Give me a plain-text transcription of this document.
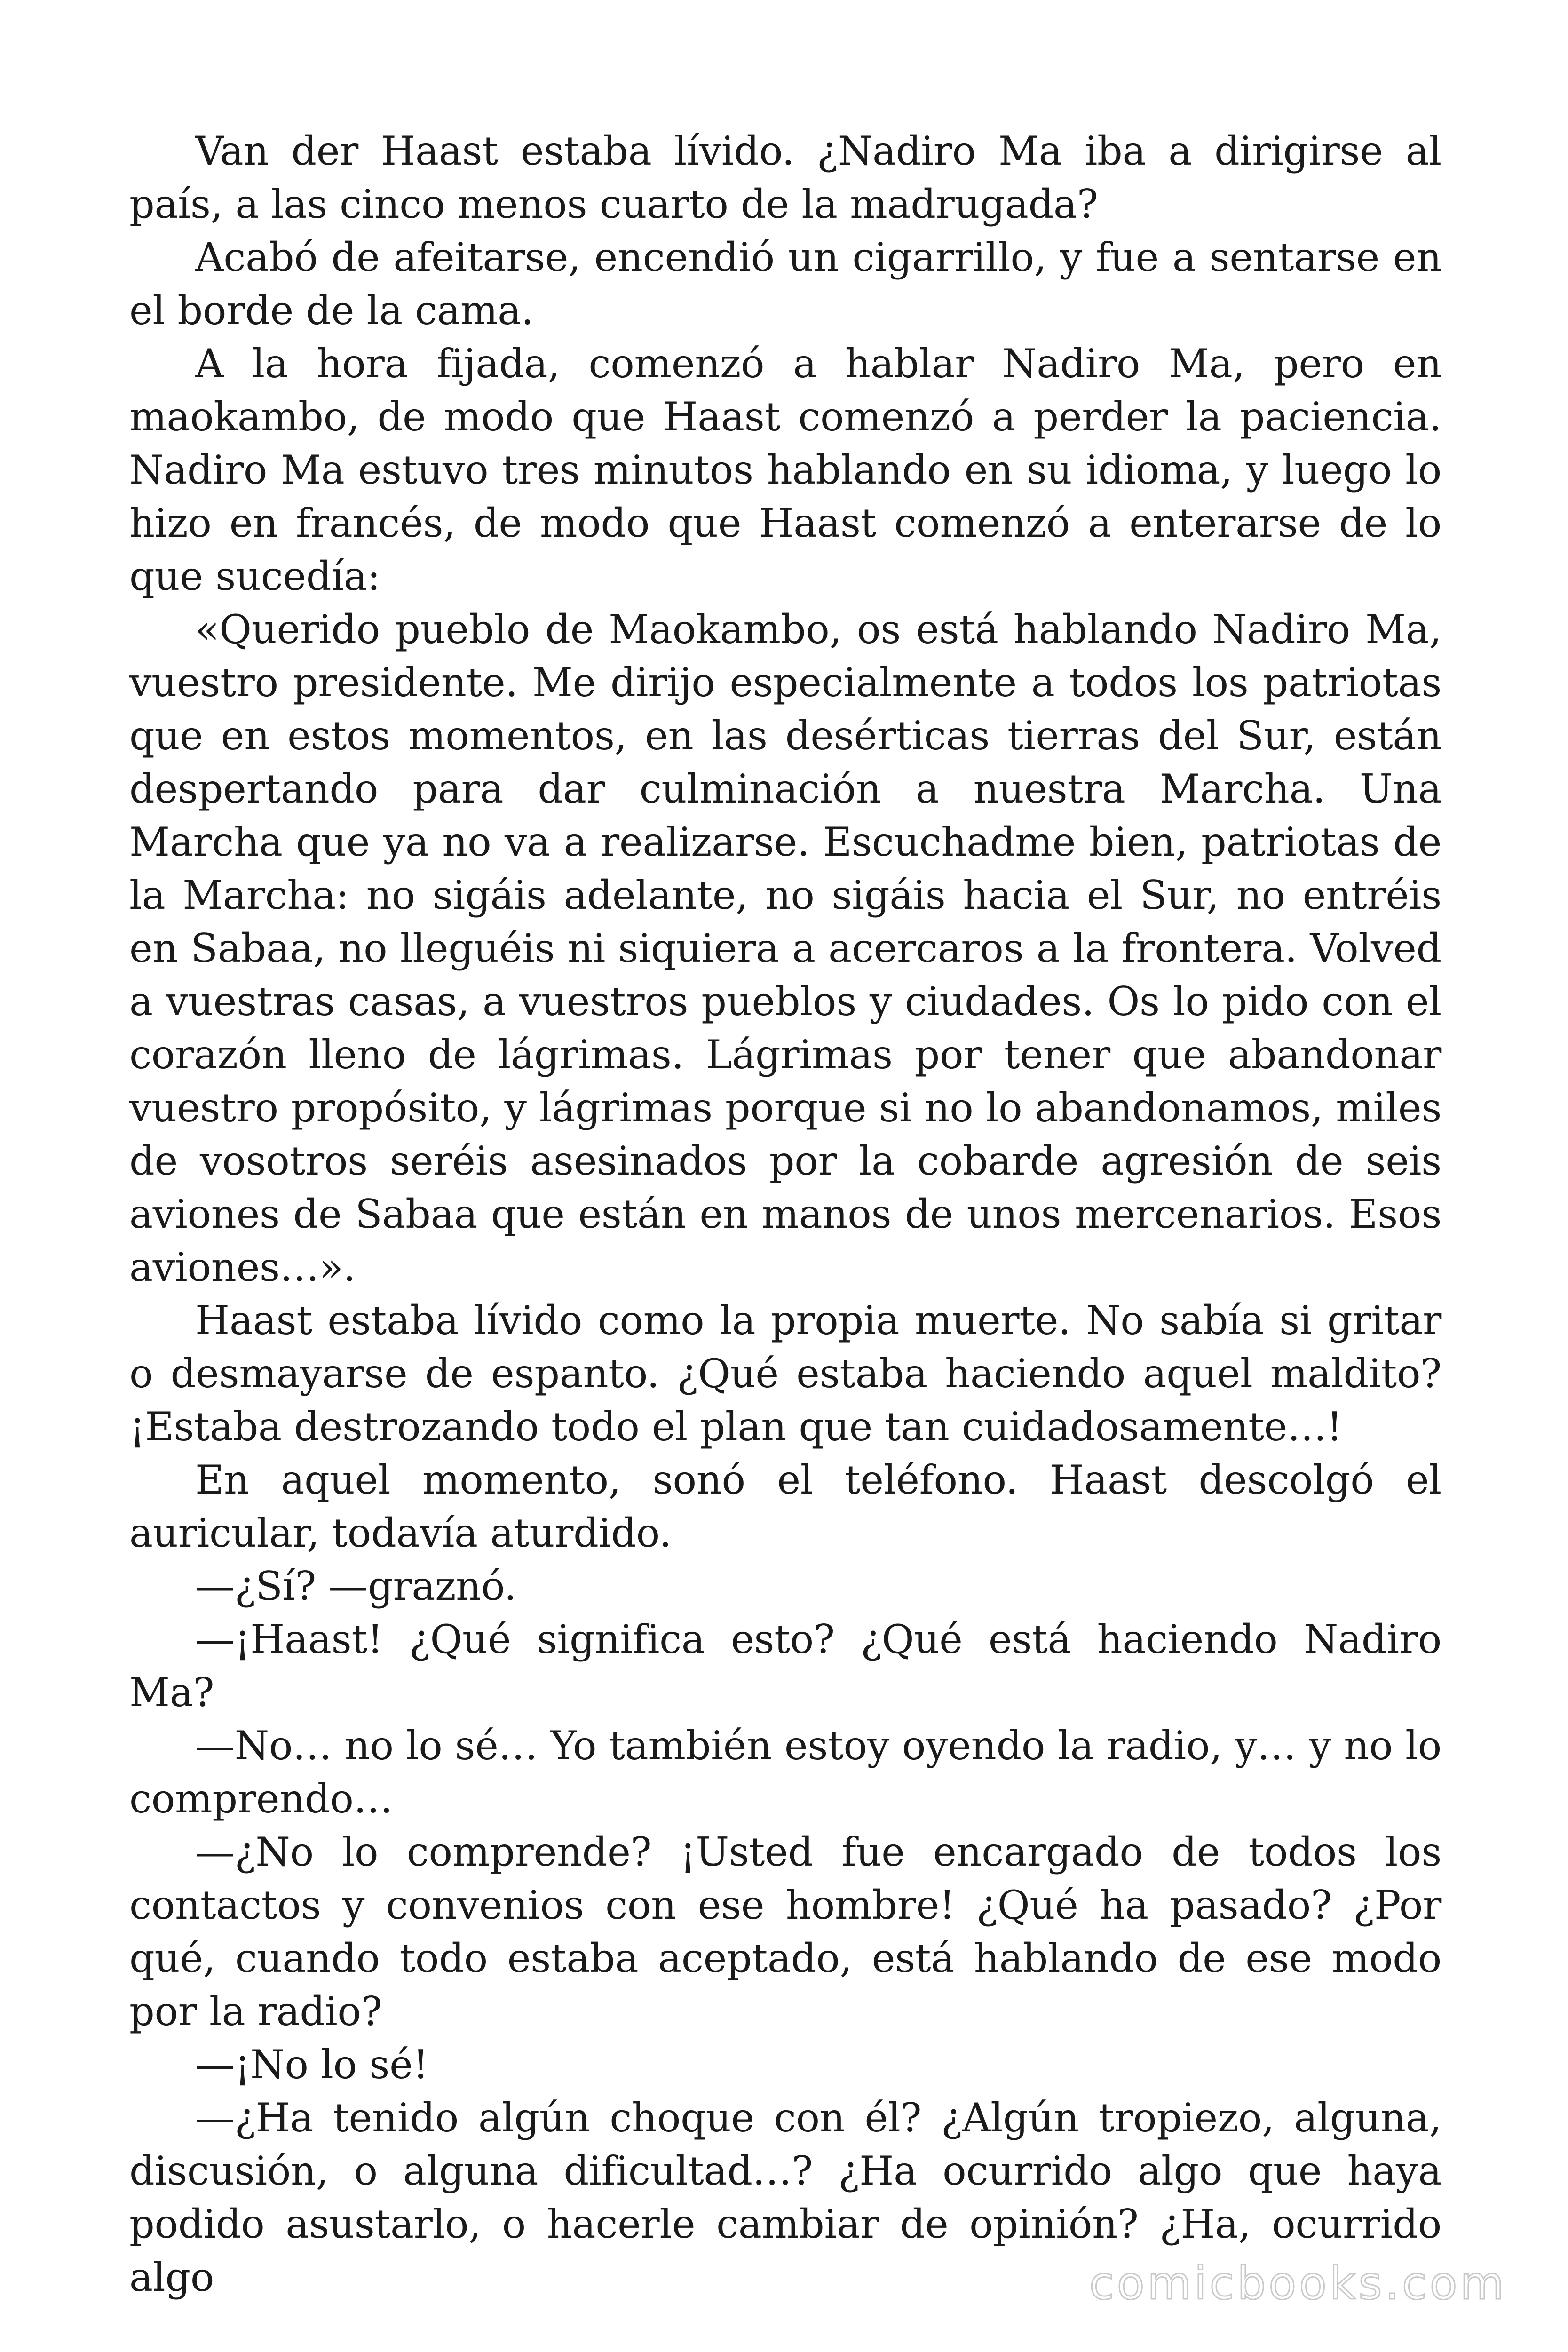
Van der Haast estaba lívido. ¿Nadiro Ma iba a dirigirse al país, a las cinco menos cuarto de la madrugada?

Acabó de afeitarse, encendió un cigarrillo, y fue a sentarse en el borde de la cama.

A la hora fijada, comenzó a hablar Nadiro Ma, pero en maokambo, de modo que Haast comenzó a perder la paciencia. Nadiro Ma estuvo tres minutos hablando en su idioma, y luego lo hizo en francés, de modo que Haast comenzó a enterarse de lo que sucedía:

«Querido pueblo de Maokambo, os está hablando Nadiro Ma, vuestro presidente. Me dirijo especialmente a todos los patriotas que en estos momentos, en las desérticas tierras del Sur, están despertando para dar culminación a nuestra Marcha. Una Marcha que ya no va a realizarse. Escuchadme bien, patriotas de la Marcha: no sigáis adelante, no sigáis hacia el Sur, no entréis en Sabaa, no lleguéis ni siquiera a acercaros a la frontera. Volved a vuestras casas, a vuestros pueblos y ciudades. Os lo pido con el corazón lleno de lágrimas. Lágrimas por tener que abandonar vuestro propósito, y lágrimas porque si no lo abandonamos, miles de vosotros seréis asesinados por la cobarde agresión de seis aviones de Sabaa que están en manos de unos mercenarios. Esos aviones…».

Haast estaba lívido como la propia muerte. No sabía si gritar o desmayarse de espanto. ¿Qué estaba haciendo aquel maldito? ¡Estaba destrozando todo el plan que tan cuidadosamente…!

En aquel momento, sonó el teléfono. Haast descolgó el auricular, todavía aturdido.

—¿Sí? —graznó.

—¡Haast! ¿Qué significa esto? ¿Qué está haciendo Nadiro Ma?

—No… no lo sé… Yo también estoy oyendo la radio, y… y no lo comprendo…

—¿No lo comprende? ¡Usted fue encargado de todos los contactos y convenios con ese hombre! ¿Qué ha pasado? ¿Por qué, cuando todo estaba aceptado, está hablando de ese modo por la radio?

—¡No lo sé!

—¿Ha tenido algún choque con él? ¿Algún tropiezo, alguna, discusión, o alguna dificultad…? ¿Ha ocurrido algo que haya podido asustarlo, o hacerle cambiar de opinión? ¿Ha, ocurrido algo	comicbooks.com
